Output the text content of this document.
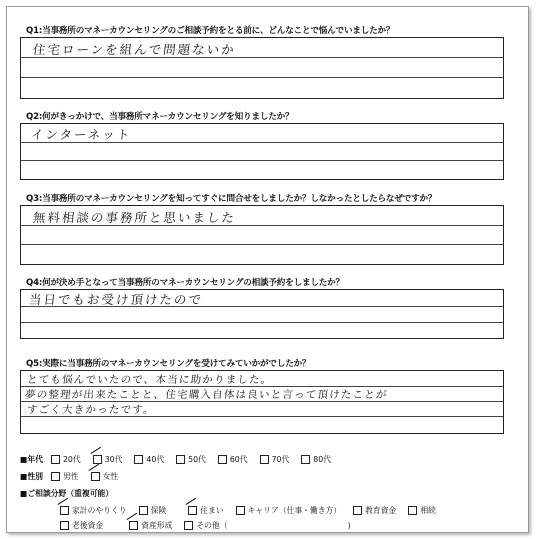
Q1:当事務所のマネーカウンセリングのご相談予約をとる前に、どんなことで悩んでいましたか？
住宅ローンを組んで問題ないか
Q2:何がきっかけで、当事務所マネーカウンセリングを知りましたか？
インターネット
Q3:当事務所のマネーカウンセリングを知ってすぐに問合せをしましたか？しなかったとしたらなぜですか？
無料相談の事務所と思いました
Q4:何が決め手となって当事務所のマネーカウンセリングの相談予約をしましたか？
当日でもお受け頂けたので
Q5:実際に当事務所のマネーカウンセリングを受けてみていかがでしたか？
とても悩んでいたので、本当に助かりました。
夢の整理が出来たことと、住宅購入自体は良いと言って頂けたことが
すごく大きかったです。
■年代	20代	30代	40代	50代	60代	70代	80代
■性別	男性	女性
■ご相談分野（重複可能）
家計のやりくり	保険	住まい	キャリア（仕事・働き方）	教育資金	相続
老後資金	資産形成	その他（	)
